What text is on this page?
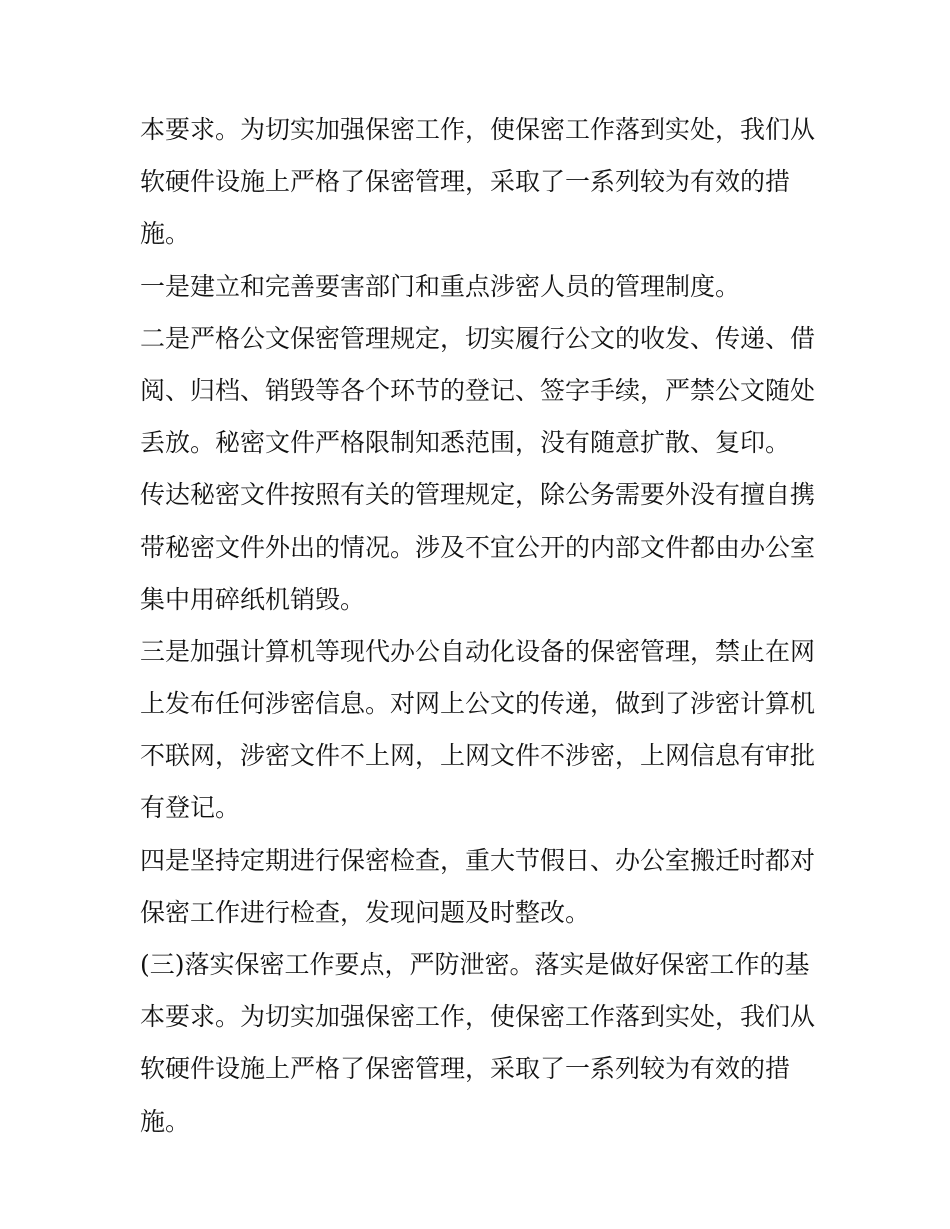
本要求。为切实加强保密工作，使保密工作落到实处，我们从
软硬件设施上严格了保密管理，采取了一系列较为有效的措
施。
一是建立和完善要害部门和重点涉密人员的管理制度。
二是严格公文保密管理规定，切实履行公文的收发、传递、借
阅、归档、销毁等各个环节的登记、签字手续，严禁公文随处
丢放。秘密文件严格限制知悉范围，没有随意扩散、复印。
传达秘密文件按照有关的管理规定，除公务需要外没有擅自携
带秘密文件外出的情况。涉及不宜公开的内部文件都由办公室
集中用碎纸机销毁。
三是加强计算机等现代办公自动化设备的保密管理，禁止在网
上发布任何涉密信息。对网上公文的传递，做到了涉密计算机
不联网，涉密文件不上网，上网文件不涉密，上网信息有审批
有登记。
四是坚持定期进行保密检查，重大节假日、办公室搬迁时都对
保密工作进行检查，发现问题及时整改。
(三)落实保密工作要点，严防泄密。落实是做好保密工作的基
本要求。为切实加强保密工作，使保密工作落到实处，我们从
软硬件设施上严格了保密管理，采取了一系列较为有效的措
施。
